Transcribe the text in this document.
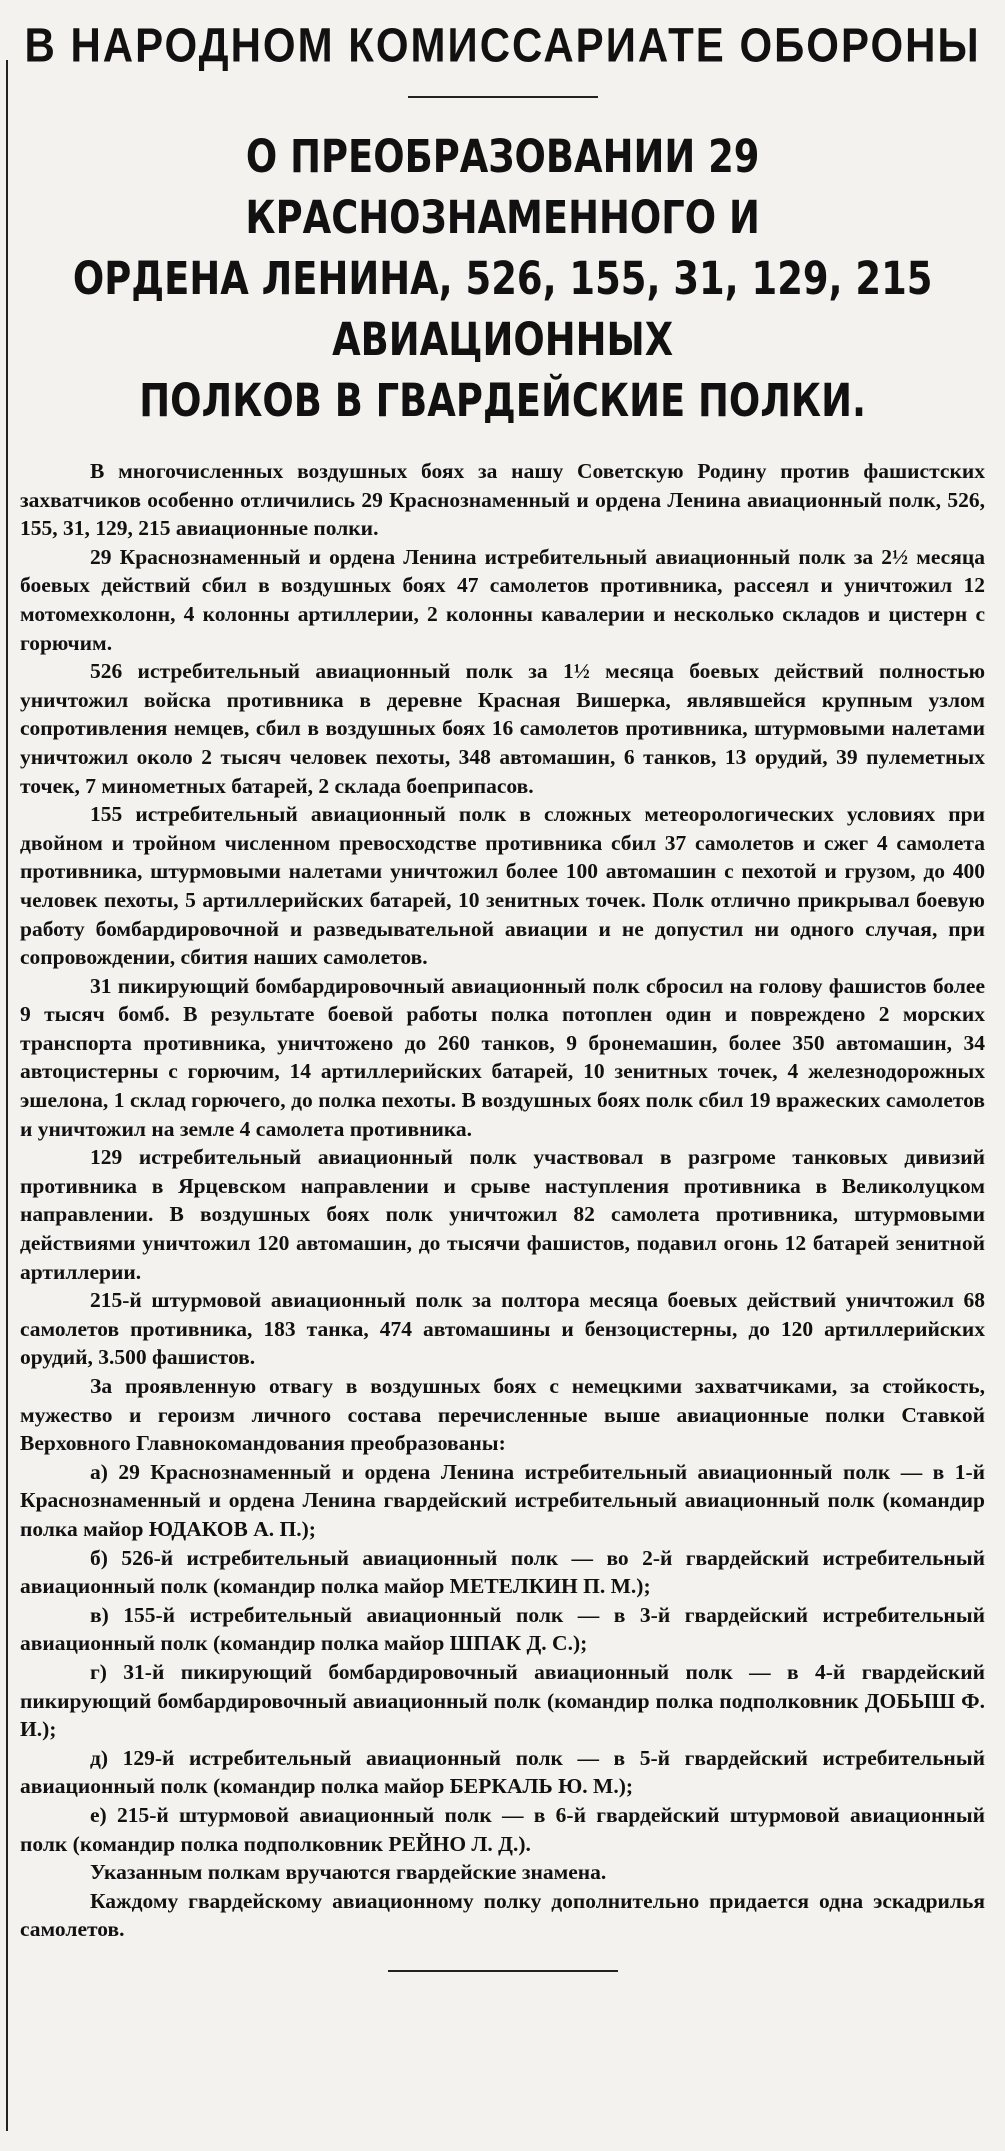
В НАРОДНОМ КОМИССАРИАТЕ ОБОРОНЫ
О ПРЕОБРАЗОВАНИИ 29 КРАСНОЗНАМЕННОГО И
ОРДЕНА ЛЕНИНА, 526, 155, 31, 129, 215 АВИАЦИОННЫХ
ПОЛКОВ В ГВАРДЕЙСКИЕ ПОЛКИ.

В многочисленных воздушных боях за нашу Советскую Родину против фашистских захватчиков особенно отличились 29 Краснознаменный и ордена Ленина авиационный полк, 526, 155, 31, 129, 215 авиационные полки.

29 Краснознаменный и ордена Ленина истребительный авиационный полк за 2½ месяца боевых действий сбил в воздушных боях 47 самолетов противника, рассеял и уничтожил 12 мотомехколонн, 4 колонны артиллерии, 2 колонны кавалерии и несколько складов и цистерн с горючим.

526 истребительный авиационный полк за 1½ месяца боевых действий полностью уничтожил войска противника в деревне Красная Вишерка, являвшейся крупным узлом сопротивления немцев, сбил в воздушных боях 16 самолетов противника, штурмовыми налетами уничтожил около 2 тысяч человек пехоты, 348 автомашин, 6 танков, 13 орудий, 39 пулеметных точек, 7 минометных батарей, 2 склада боеприпасов.

155 истребительный авиационный полк в сложных метеорологических условиях при двойном и тройном численном превосходстве противника сбил 37 самолетов и сжег 4 самолета противника, штурмовыми налетами уничтожил более 100 автомашин с пехотой и грузом, до 400 человек пехоты, 5 артиллерийских батарей, 10 зенитных точек. Полк отлично прикрывал боевую работу бомбардировочной и разведывательной авиации и не допустил ни одного случая, при сопровождении, сбития наших самолетов.

31 пикирующий бомбардировочный авиационный полк сбросил на голову фашистов более 9 тысяч бомб. В результате боевой работы полка потоплен один и повреждено 2 морских транспорта противника, уничтожено до 260 танков, 9 бронемашин, более 350 автомашин, 34 автоцистерны с горючим, 14 артиллерийских батарей, 10 зенитных точек, 4 железнодорожных эшелона, 1 склад горючего, до полка пехоты. В воздушных боях полк сбил 19 вражеских самолетов и уничтожил на земле 4 самолета противника.

129 истребительный авиационный полк участвовал в разгроме танковых дивизий противника в Ярцевском направлении и срыве наступления противника в Великолуцком направлении. В воздушных боях полк уничтожил 82 самолета противника, штурмовыми действиями уничтожил 120 автомашин, до тысячи фашистов, подавил огонь 12 батарей зенитной артиллерии.

215-й штурмовой авиационный полк за полтора месяца боевых действий уничтожил 68 самолетов противника, 183 танка, 474 автомашины и бензоцистерны, до 120 артиллерийских орудий, 3.500 фашистов.

За проявленную отвагу в воздушных боях с немецкими захватчиками, за стойкость, мужество и героизм личного состава перечисленные выше авиационные полки Ставкой Верховного Главнокомандования преобразованы:

а) 29 Краснознаменный и ордена Ленина истребительный авиационный полк — в 1-й Краснознаменный и ордена Ленина гвардейский истребительный авиационный полк (командир полка майор ЮДАКОВ А. П.);

б) 526-й истребительный авиационный полк — во 2-й гвардейский истребительный авиационный полк (командир полка майор МЕТЕЛКИН П. М.);

в) 155-й истребительный авиационный полк — в 3-й гвардейский истребительный авиационный полк (командир полка майор ШПАК Д. С.);

г) 31-й пикирующий бомбардировочный авиационный полк — в 4-й гвардейский пикирующий бомбардировочный авиационный полк (командир полка подполковник ДОБЫШ Ф. И.);

д) 129-й истребительный авиационный полк — в 5-й гвардейский истребительный авиационный полк (командир полка майор БЕРКАЛЬ Ю. М.);

е) 215-й штурмовой авиационный полк — в 6-й гвардейский штурмовой авиационный полк (командир полка подполковник РЕЙНО Л. Д.).

Указанным полкам вручаются гвардейские знамена.

Каждому гвардейскому авиационному полку дополнительно придается одна эскадрилья самолетов.
